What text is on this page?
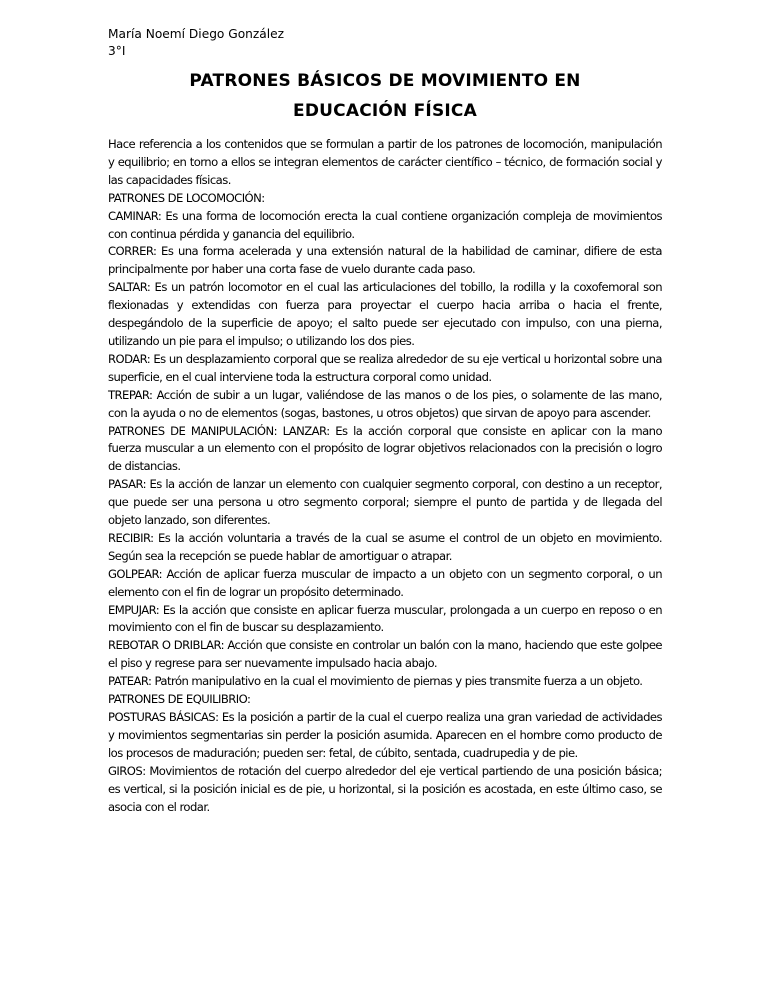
María Noemí Diego González
3°I
PATRONES BÁSICOS DE MOVIMIENTO EN
EDUCACIÓN FÍSICA

Hace referencia a los contenidos que se formulan a partir de los patrones de locomoción, manipulación y equilibrio; en torno a ellos se integran elementos de carácter científico – técnico, de formación social y las capacidades físicas.

PATRONES DE LOCOMOCIÓN:

CAMINAR: Es una forma de locomoción erecta la cual contiene organización compleja de movimientos con continua pérdida y ganancia del equilibrio.

CORRER: Es una forma acelerada y una extensión natural de la habilidad de caminar, difiere de esta principalmente por haber una corta fase de vuelo durante cada paso.

SALTAR: Es un patrón locomotor en el cual las articulaciones del tobillo, la rodilla y la coxofemoral son flexionadas y extendidas con fuerza para proyectar el cuerpo hacia arriba o hacia el frente, despegándolo de la superficie de apoyo; el salto puede ser ejecutado con impulso, con una pierna, utilizando un pie para el impulso; o utilizando los dos pies.

RODAR: Es un desplazamiento corporal que se realiza alrededor de su eje vertical u horizontal sobre una superficie, en el cual interviene toda la estructura corporal como unidad.

TREPAR: Acción de subir a un lugar, valiéndose de las manos o de los pies, o solamente de las mano, con la ayuda o no de elementos (sogas, bastones, u otros objetos) que sirvan de apoyo para ascender.

PATRONES DE MANIPULACIÓN: LANZAR: Es la acción corporal que consiste en aplicar con la mano fuerza muscular a un elemento con el propósito de lograr objetivos relacionados con la precisión o logro de distancias.

PASAR: Es la acción de lanzar un elemento con cualquier segmento corporal, con destino a un receptor, que puede ser una persona u otro segmento corporal; siempre el punto de partida y de llegada del objeto lanzado, son diferentes.

RECIBIR: Es la acción voluntaria a través de la cual se asume el control de un objeto en movimiento. Según sea la recepción se puede hablar de amortiguar o atrapar.

GOLPEAR: Acción de aplicar fuerza muscular de impacto a un objeto con un segmento corporal, o un elemento con el fin de lograr un propósito determinado.

EMPUJAR: Es la acción que consiste en aplicar fuerza muscular, prolongada a un cuerpo en reposo o en movimiento con el fin de buscar su desplazamiento.

REBOTAR O DRIBLAR: Acción que consiste en controlar un balón con la mano, haciendo que este golpee el piso y regrese para ser nuevamente impulsado hacia abajo.

PATEAR: Patrón manipulativo en la cual el movimiento de piernas y pies transmite fuerza a un objeto.

PATRONES DE EQUILIBRIO:

POSTURAS BÁSICAS: Es la posición a partir de la cual el cuerpo realiza una gran variedad de actividades y movimientos segmentarias sin perder la posición asumida. Aparecen en el hombre como producto de los procesos de maduración; pueden ser: fetal, de cúbito, sentada, cuadrupedia y de pie.

GIROS: Movimientos de rotación del cuerpo alrededor del eje vertical partiendo de una posición básica; es vertical, si la posición inicial es de pie, u horizontal, si la posición es acostada, en este último caso, se asocia con el rodar.
